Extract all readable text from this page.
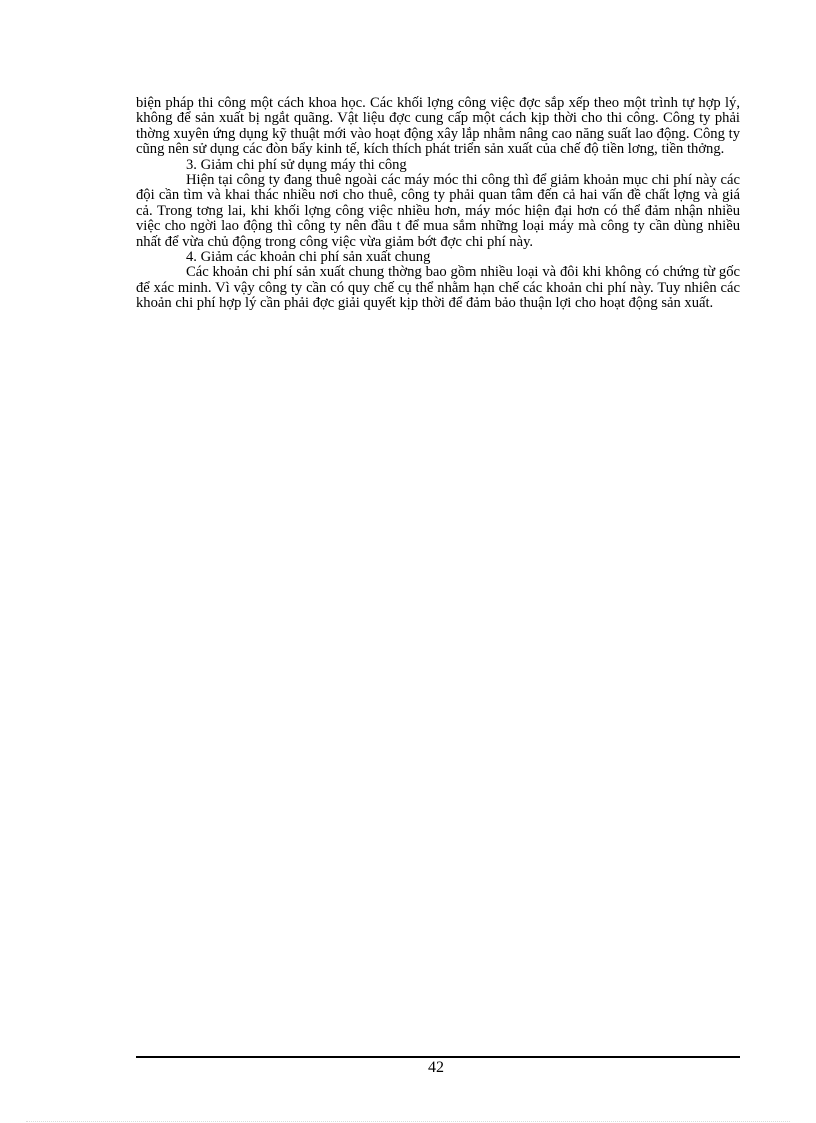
biện pháp thi công một cách khoa học. Các khối lợng công việc đợc sắp xếp theo một trình tự hợp lý, không để sản xuất bị ngắt quãng. Vật liệu đợc cung cấp một cách kịp thời cho thi công. Công ty phải thờng xuyên ứng dụng kỹ thuật mới vào hoạt động xây lắp nhằm nâng cao năng suất lao động. Công ty cũng nên sử dụng các đòn bẩy kinh tế, kích thích phát triển sản xuất của chế độ tiền lơng, tiền thởng.

3. Giảm chi phí sử dụng máy thi công

Hiện tại công ty đang thuê ngoài các máy móc thi công thì để giảm khoản mục chi phí này các đội cần tìm và khai thác nhiều nơi cho thuê, công ty phải quan tâm đến cả hai vấn đề chất lợng và giá cả. Trong tơng lai, khi khối lợng công việc nhiều hơn, máy móc hiện đại hơn có thể đảm nhận nhiều việc cho ngời lao động thì công ty nên đầu t để mua sắm những loại máy mà công ty cần dùng nhiều nhất để vừa chủ động trong công việc vừa giảm bớt đợc chi phí này.

4. Giảm các khoản chi phí sản xuất chung

Các khoản chi phí sản xuất chung thờng bao gồm nhiều loại và đôi khi không có chứng từ gốc để xác minh. Vì vậy công ty cần có quy chế cụ thể nhằm hạn chế các khoản chi phí này. Tuy nhiên các khoản chi phí hợp lý cần phải đợc giải quyết kịp thời để đảm bảo thuận lợi cho hoạt động sản xuất.

42
